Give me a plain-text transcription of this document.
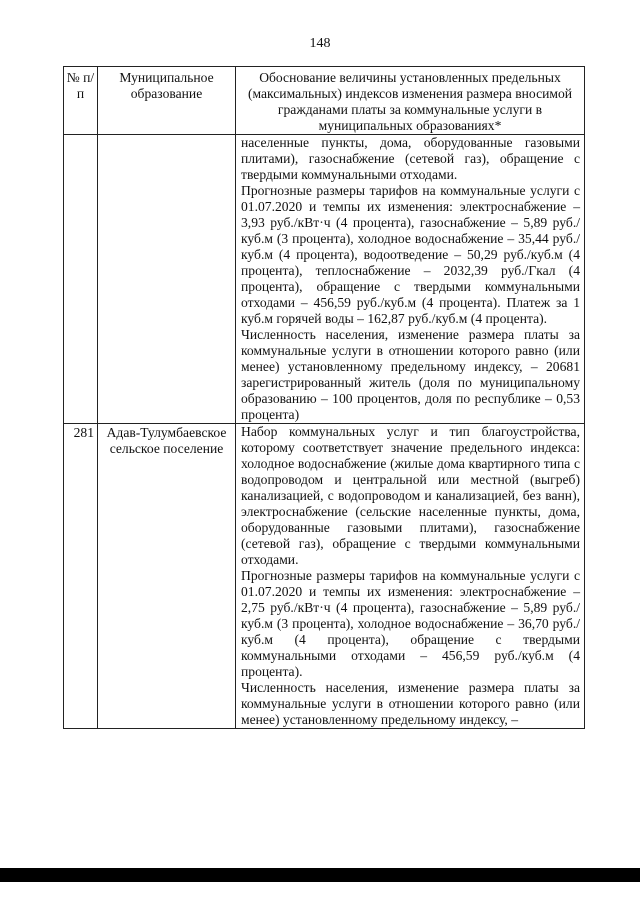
148
№ п/п	Муниципальное образование	Обоснование величины установленных предельных (максимальных) индексов изменения размера вносимой гражданами платы за коммунальные услуги в муниципальных образованиях*

		населенные пункты, дома, оборудованные газовыми плитами), газоснабжение (сетевой газ), обращение с твердыми коммунальными отходами.

Прогнозные размеры тарифов на коммунальные услуги с 01.07.2020 и темпы их изменения: электроснабжение – 3,93 руб./кВт·ч (4 процента), газоснабжение – 5,89 руб./куб.м (3 процента), холодное водоснабжение – 35,44 руб./куб.м (4 процента), водоотведение – 50,29 руб./куб.м (4 процента), теплоснабжение – 2032,39 руб./Гкал (4 процента), обращение с твердыми коммунальными отходами – 456,59 руб./куб.м (4 процента). Платеж за 1 куб.м горячей воды – 162,87 руб./куб.м (4 процента).

Численность населения, изменение размера платы за коммунальные услуги в отношении которого равно (или менее) установленному предельному индексу, – 20681 зарегистрированный житель (доля по муниципальному образованию – 100 процентов, доля по республике – 0,53 процента)

281	Адав-Тулумбаевское сельское поселение	Набор коммунальных услуг и тип благоустройства, которому соответствует значение предельного индекса: холодное водоснабжение (жилые дома квартирного типа с водопроводом и центральной или местной (выгреб) канализацией, с водопроводом и канализацией, без ванн), электроснабжение (сельские населенные пункты, дома, оборудованные газовыми плитами), газоснабжение (сетевой газ), обращение с твердыми коммунальными отходами.

Прогнозные размеры тарифов на коммунальные услуги с 01.07.2020 и темпы их изменения: электроснабжение – 2,75 руб./кВт·ч (4 процента), газоснабжение – 5,89 руб./куб.м (3 процента), холодное водоснабжение – 36,70 руб./куб.м (4 процента), обращение с твердыми коммунальными отходами – 456,59 руб./куб.м (4 процента).

Численность населения, изменение размера платы за коммунальные услуги в отношении которого равно (или менее) установленному предельному индексу, –
